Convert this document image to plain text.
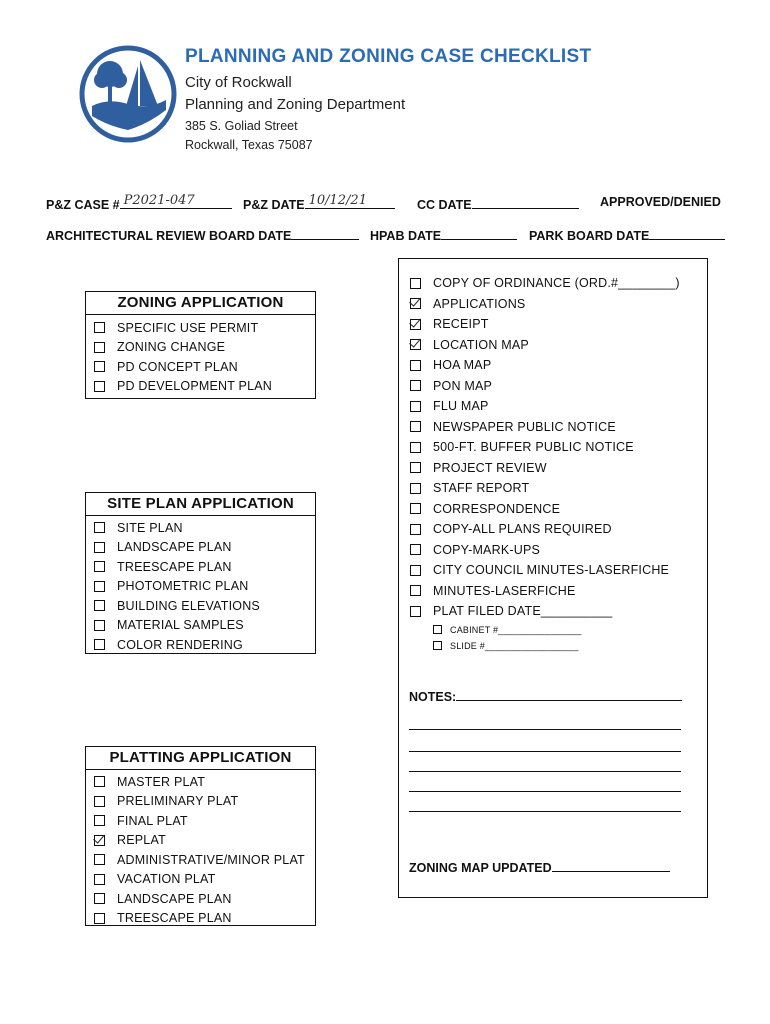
PLANNING AND ZONING CASE CHECKLIST
City of Rockwall
Planning and Zoning Department
385 S. Goliad Street
Rockwall, Texas 75087
P&Z CASE # P2021-047	P&Z DATE 10/12/21	CC DATE	APPROVED/DENIED
ARCHITECTURAL REVIEW BOARD DATE	HPAB DATE	PARK BOARD DATE
ZONING APPLICATION
SPECIFIC USE PERMIT
ZONING CHANGE
PD CONCEPT PLAN
PD DEVELOPMENT PLAN
SITE PLAN APPLICATION
SITE PLAN
LANDSCAPE PLAN
TREESCAPE PLAN
PHOTOMETRIC PLAN
BUILDING ELEVATIONS
MATERIAL SAMPLES
COLOR RENDERING
PLATTING APPLICATION
MASTER PLAT
PRELIMINARY PLAT
FINAL PLAT
REPLAT
ADMINISTRATIVE/MINOR PLAT
VACATION PLAT
LANDSCAPE PLAN
TREESCAPE PLAN
COPY OF ORDINANCE (ORD.#________)
APPLICATIONS
RECEIPT
LOCATION MAP
HOA MAP
PON MAP
FLU MAP
NEWSPAPER PUBLIC NOTICE
500-FT. BUFFER PUBLIC NOTICE
PROJECT REVIEW
STAFF REPORT
CORRESPONDENCE
COPY-ALL PLANS REQUIRED
COPY-MARK-UPS
CITY COUNCIL MINUTES-LASERFICHE
MINUTES-LASERFICHE
PLAT FILED DATE__________
CABINET #________________
SLIDE #__________________
NOTES:
ZONING MAP UPDATED
